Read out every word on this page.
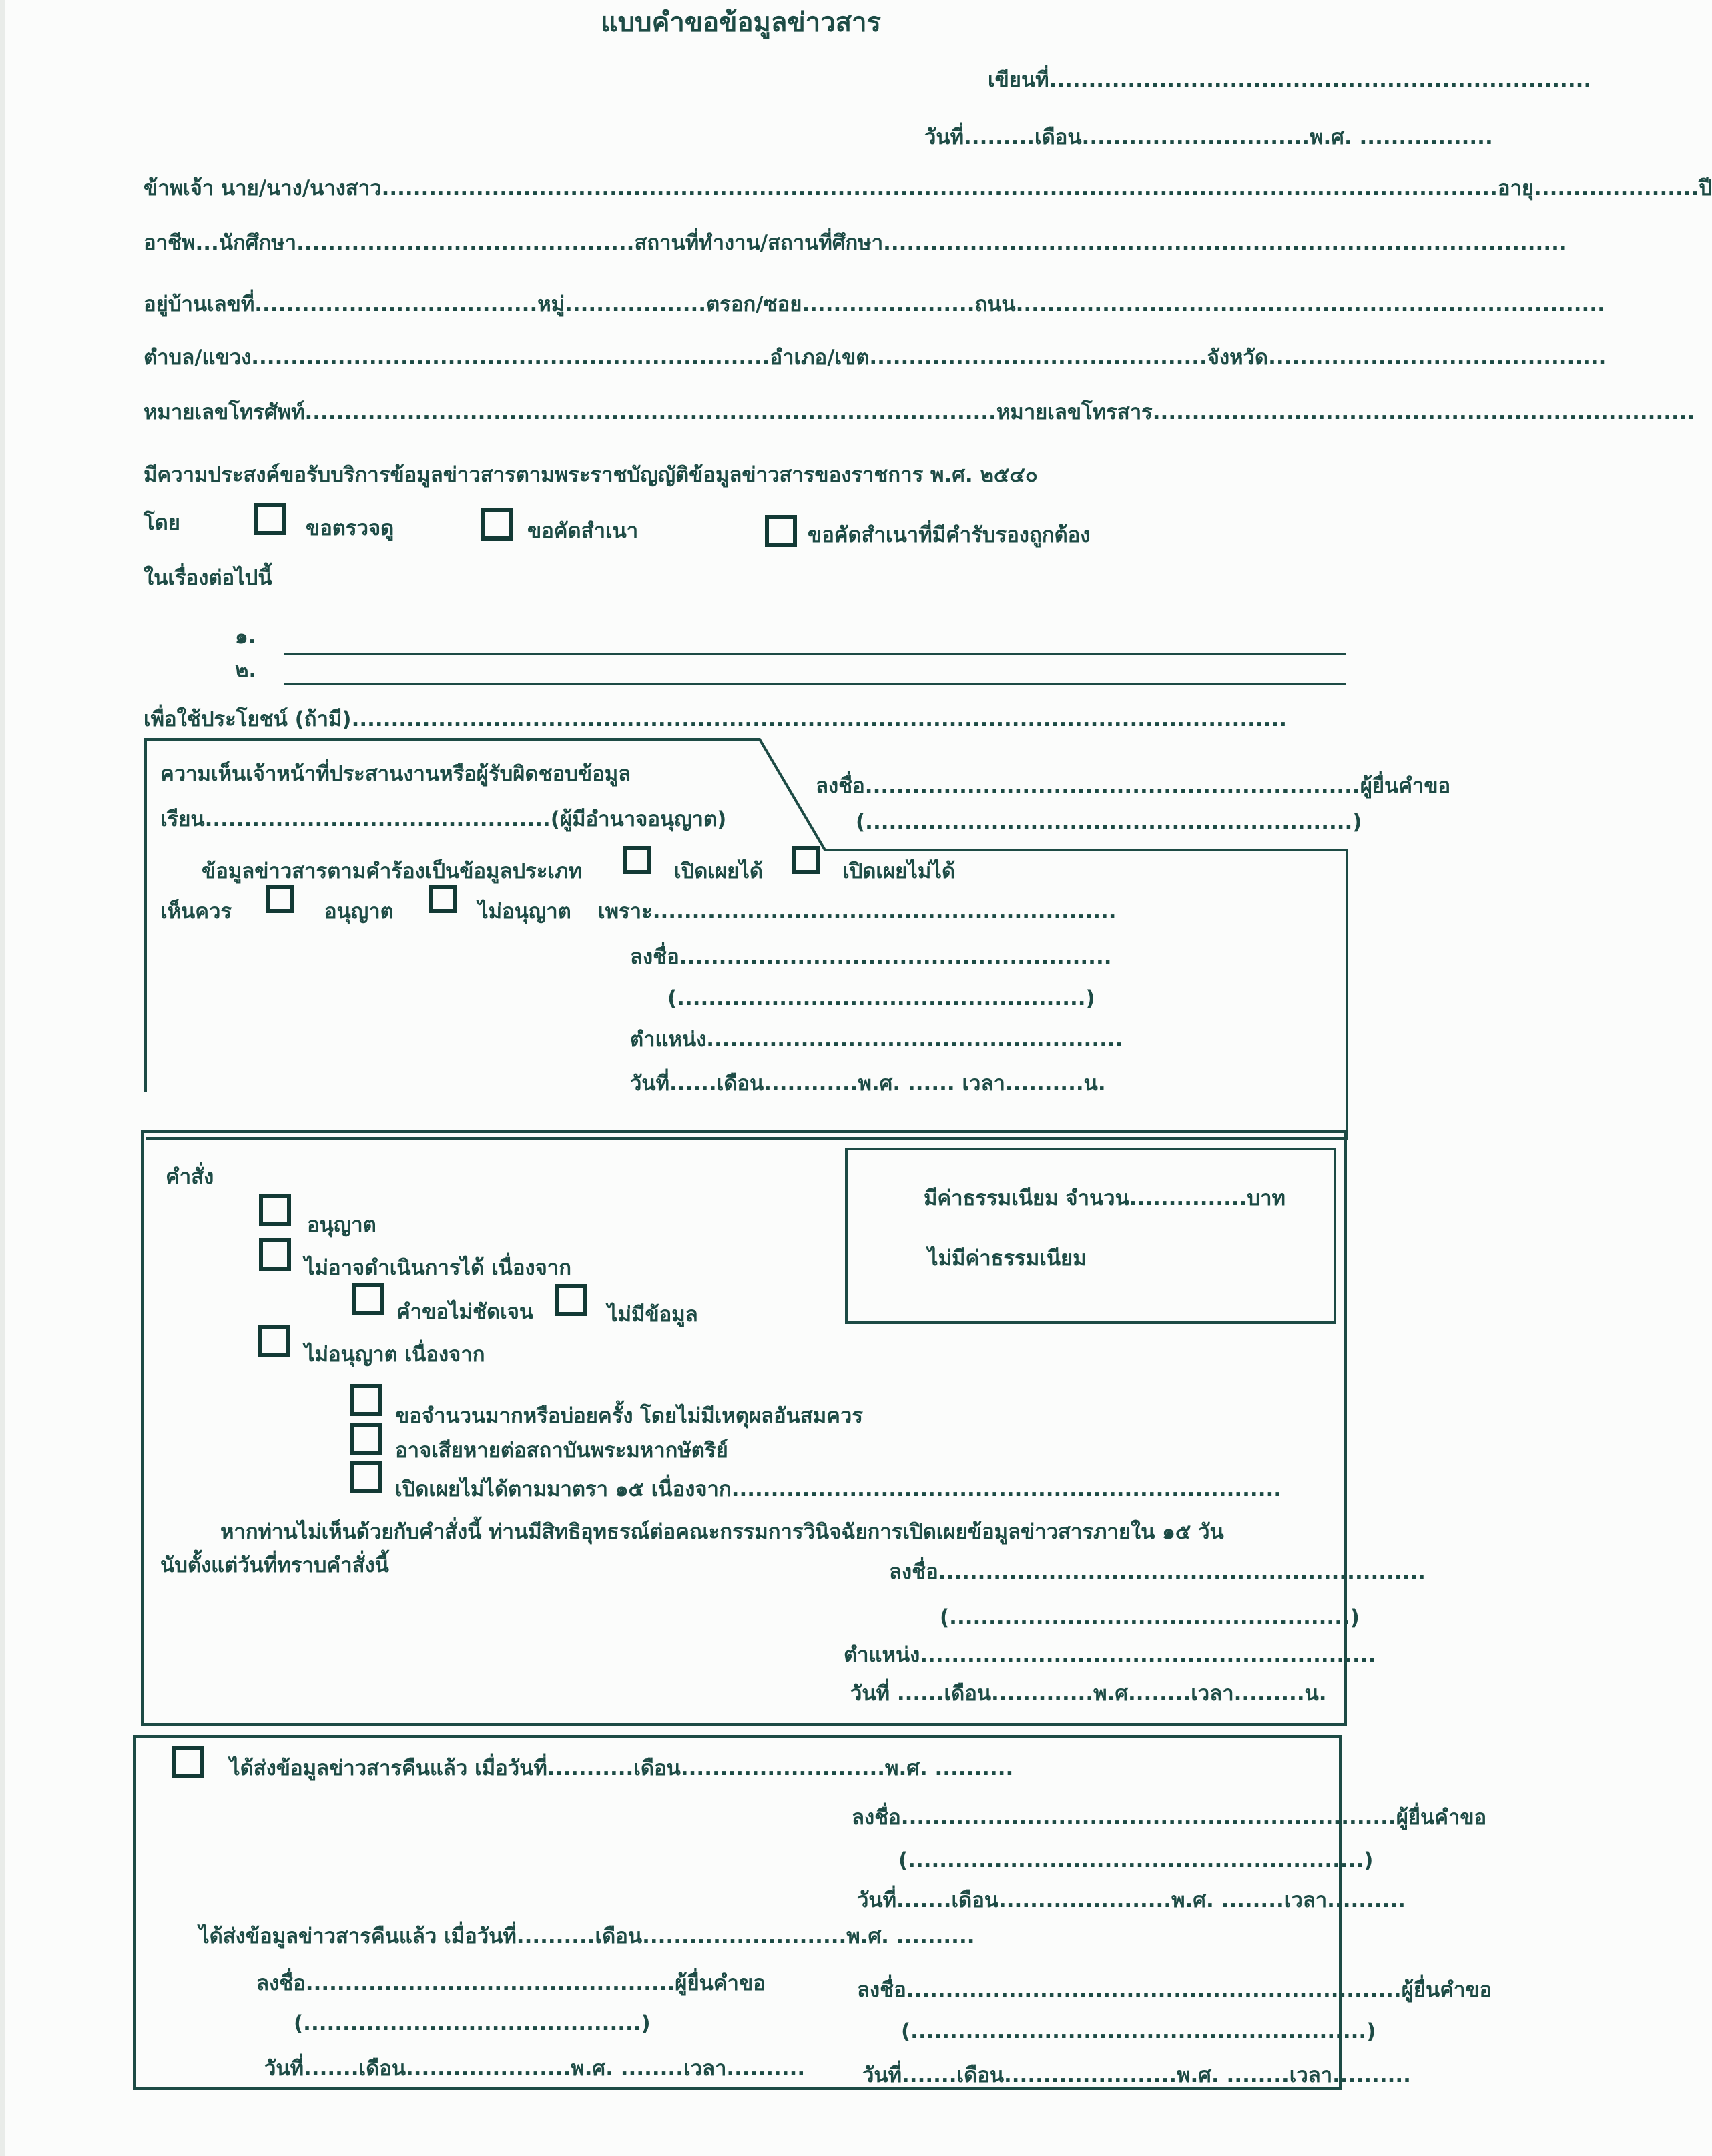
แบบคำขอข้อมูลข่าวสาร
เขียนที่.....................................................................
วันที่.........เดือน.............................พ.ศ. .................
ข้าพเจ้า นาย/นาง/นางสาว..............................................................................................................................................อายุ.....................ปี
อาชีพ...นักศึกษา...........................................สถานที่ทำงาน/สถานที่ศึกษา.......................................................................................
อยู่บ้านเลขที่....................................หมู่..................ตรอก/ซอย......................ถนน...........................................................................
ตำบล/แขวง..................................................................อำเภอ/เขต...........................................จังหวัด...........................................
หมายเลขโทรศัพท์........................................................................................หมายเลขโทรสาร.....................................................................
มีความประสงค์ขอรับบริการข้อมูลข่าวสารตามพระราชบัญญัติข้อมูลข่าวสารของราชการ พ.ศ. ๒๕๔๐
โดย	ขอตรวจดู	ขอคัดสำเนา	ขอคัดสำเนาที่มีคำรับรองถูกต้อง
ในเรื่องต่อไปนี้
๑.
๒.
เพื่อใช้ประโยชน์ (ถ้ามี).......................................................................................................................
ความเห็นเจ้าหน้าที่ประสานงานหรือผู้รับผิดชอบข้อมูล
เรียน............................................(ผู้มีอำนาจอนุญาต)
ลงชื่อ...............................................................ผู้ยื่นคำขอ
(..............................................................)
ข้อมูลข่าวสารตามคำร้องเป็นข้อมูลประเภท	เปิดเผยได้	เปิดเผยไม่ได้
เห็นควร	อนุญาต	ไม่อนุญาต เพราะ...........................................................
ลงชื่อ.......................................................
(....................................................)
ตำแหน่ง.....................................................
วันที่......เดือน............พ.ศ. ...... เวลา..........น.
คำสั่ง
อนุญาต
ไม่อาจดำเนินการได้ เนื่องจาก
คำขอไม่ชัดเจน	ไม่มีข้อมูล
ไม่อนุญาต เนื่องจาก
ขอจำนวนมากหรือบ่อยครั้ง โดยไม่มีเหตุผลอันสมควร
อาจเสียหายต่อสถาบันพระมหากษัตริย์
เปิดเผยไม่ได้ตามมาตรา ๑๕ เนื่องจาก......................................................................
หากท่านไม่เห็นด้วยกับคำสั่งนี้ ท่านมีสิทธิอุทธรณ์ต่อคณะกรรมการวินิจฉัยการเปิดเผยข้อมูลข่าวสารภายใน ๑๕ วัน
นับตั้งแต่วันที่ทราบคำสั่งนี้	ลงชื่อ..............................................................
(...................................................)
ตำแหน่ง..........................................................
วันที่ ......เดือน.............พ.ศ........เวลา.........น.
มีค่าธรรมเนียม จำนวน...............บาท
ไม่มีค่าธรรมเนียม
ได้ส่งข้อมูลข่าวสารคืนแล้ว เมื่อวันที่...........เดือน..........................พ.ศ. ..........
ลงชื่อ...............................................................ผู้ยื่นคำขอ
(..........................................................)
วันที่.......เดือน......................พ.ศ. ........เวลา..........
ได้ส่งข้อมูลข่าวสารคืนแล้ว เมื่อวันที่..........เดือน..........................พ.ศ. ..........
ลงชื่อ...............................................ผู้ยื่นคำขอ
(...........................................)
วันที่.......เดือน.....................พ.ศ. ........เวลา..........
ลงชื่อ...............................................................ผู้ยื่นคำขอ
(..........................................................)
วันที่.......เดือน......................พ.ศ. ........เวลา..........
